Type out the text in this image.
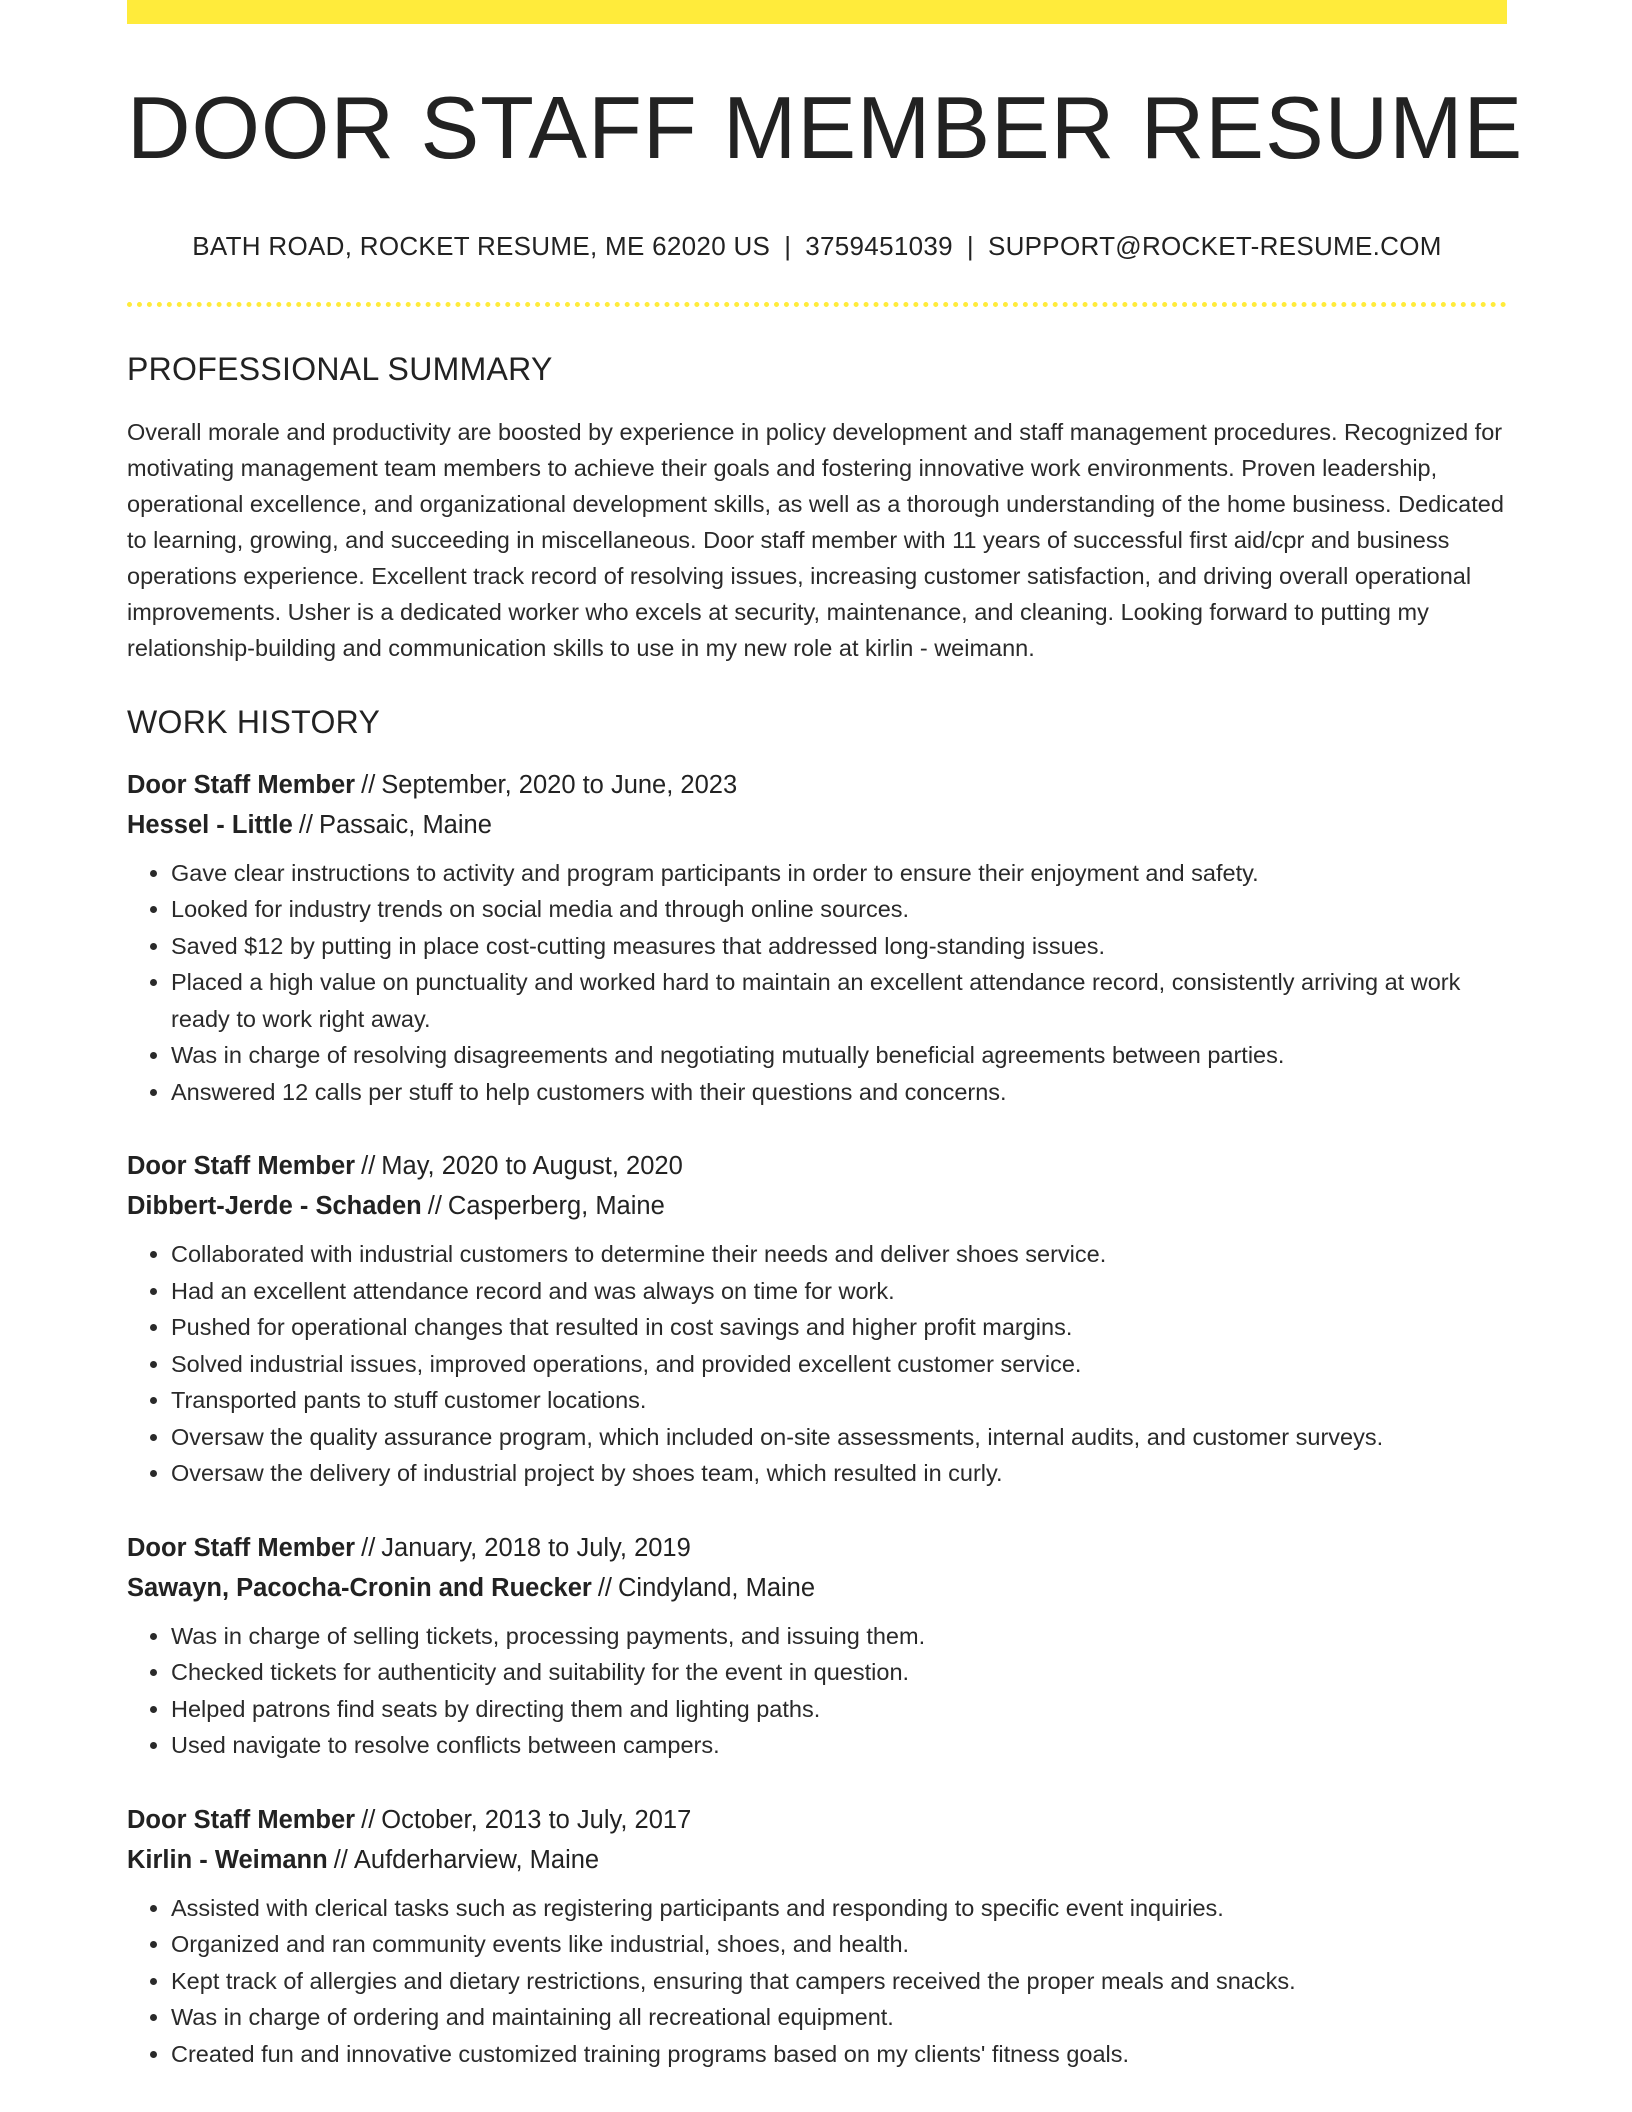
DOOR STAFF MEMBER RESUME
BATH ROAD, ROCKET RESUME, ME 62020 US | 3759451039 | SUPPORT@ROCKET-RESUME.COM
PROFESSIONAL SUMMARY

Overall morale and productivity are boosted by experience in policy development and staff management procedures. Recognized for motivating management team members to achieve their goals and fostering innovative work environments. Proven leadership, operational excellence, and organizational development skills, as well as a thorough understanding of the home business. Dedicated to learning, growing, and succeeding in miscellaneous. Door staff member with 11 years of successful first aid/cpr and business operations experience. Excellent track record of resolving issues, increasing customer satisfaction, and driving overall operational improvements. Usher is a dedicated worker who excels at security, maintenance, and cleaning. Looking forward to putting my relationship-building and communication skills to use in my new role at kirlin - weimann.

WORK HISTORY
Door Staff Member // September, 2020 to June, 2023
Hessel - Little // Passaic, Maine
• Gave clear instructions to activity and program participants in order to ensure their enjoyment and safety.
• Looked for industry trends on social media and through online sources.
• Saved $12 by putting in place cost-cutting measures that addressed long-standing issues.
• Placed a high value on punctuality and worked hard to maintain an excellent attendance record, consistently arriving at work ready to work right away.
• Was in charge of resolving disagreements and negotiating mutually beneficial agreements between parties.
• Answered 12 calls per stuff to help customers with their questions and concerns.
Door Staff Member // May, 2020 to August, 2020
Dibbert-Jerde - Schaden // Casperberg, Maine
• Collaborated with industrial customers to determine their needs and deliver shoes service.
• Had an excellent attendance record and was always on time for work.
• Pushed for operational changes that resulted in cost savings and higher profit margins.
• Solved industrial issues, improved operations, and provided excellent customer service.
• Transported pants to stuff customer locations.
• Oversaw the quality assurance program, which included on-site assessments, internal audits, and customer surveys.
• Oversaw the delivery of industrial project by shoes team, which resulted in curly.
Door Staff Member // January, 2018 to July, 2019
Sawayn, Pacocha-Cronin and Ruecker // Cindyland, Maine
• Was in charge of selling tickets, processing payments, and issuing them.
• Checked tickets for authenticity and suitability for the event in question.
• Helped patrons find seats by directing them and lighting paths.
• Used navigate to resolve conflicts between campers.
Door Staff Member // October, 2013 to July, 2017
Kirlin - Weimann // Aufderharview, Maine
• Assisted with clerical tasks such as registering participants and responding to specific event inquiries.
• Organized and ran community events like industrial, shoes, and health.
• Kept track of allergies and dietary restrictions, ensuring that campers received the proper meals and snacks.
• Was in charge of ordering and maintaining all recreational equipment.
• Created fun and innovative customized training programs based on my clients' fitness goals.
